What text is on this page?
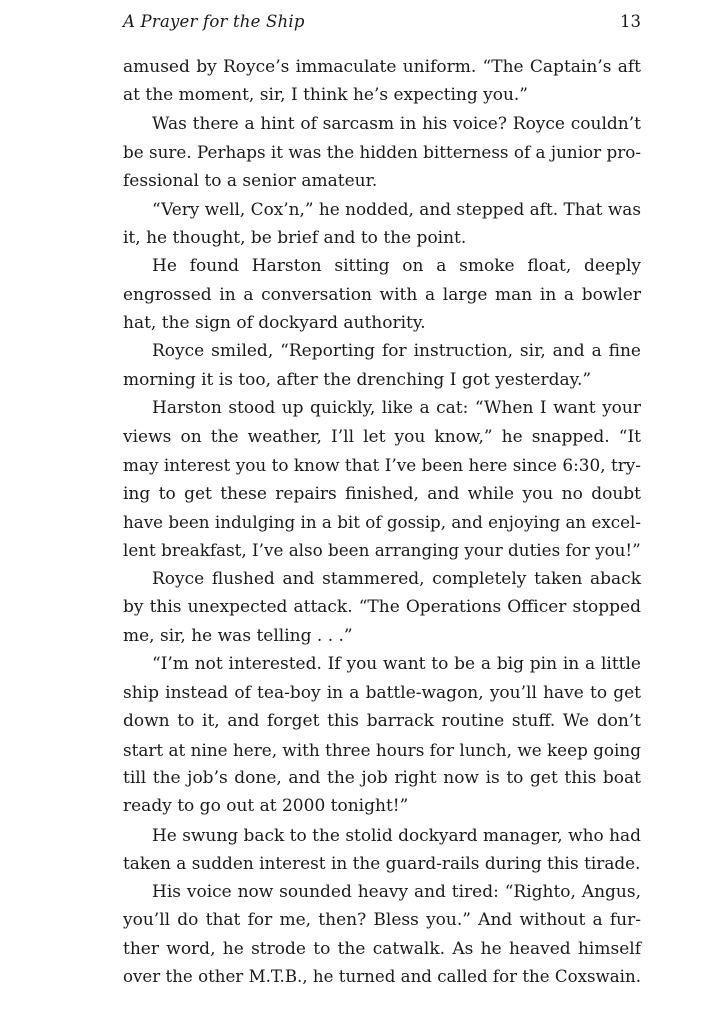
A Prayer for the Ship	13
amused by Royce’s immaculate uniform. “The Captain’s aft
at the moment, sir, I think he’s expecting you.”
Was there a hint of sarcasm in his voice? Royce couldn’t
be sure. Perhaps it was the hidden bitterness of a junior pro-
fessional to a senior amateur.
“Very well, Cox’n,” he nodded, and stepped aft. That was
it, he thought, be brief and to the point.
He found Harston sitting on a smoke float, deeply
engrossed in a conversation with a large man in a bowler
hat, the sign of dockyard authority.
Royce smiled, “Reporting for instruction, sir, and a fine
morning it is too, after the drenching I got yesterday.”
Harston stood up quickly, like a cat: “When I want your
views on the weather, I’ll let you know,” he snapped. “It
may interest you to know that I’ve been here since 6:30, try-
ing to get these repairs finished, and while you no doubt
have been indulging in a bit of gossip, and enjoying an excel-
lent breakfast, I’ve also been arranging your duties for you!”
Royce flushed and stammered, completely taken aback
by this unexpected attack. “The Operations Officer stopped
me, sir, he was telling . . .”
“I’m not interested. If you want to be a big pin in a little
ship instead of tea-boy in a battle-wagon, you’ll have to get
down to it, and forget this barrack routine stuff. We don’t
start at nine here, with three hours for lunch, we keep going
till the job’s done, and the job right now is to get this boat
ready to go out at 2000 tonight!”
He swung back to the stolid dockyard manager, who had
taken a sudden interest in the guard-rails during this tirade.
His voice now sounded heavy and tired: “Righto, Angus,
you’ll do that for me, then? Bless you.” And without a fur-
ther word, he strode to the catwalk. As he heaved himself
over the other M.T.B., he turned and called for the Coxswain.
